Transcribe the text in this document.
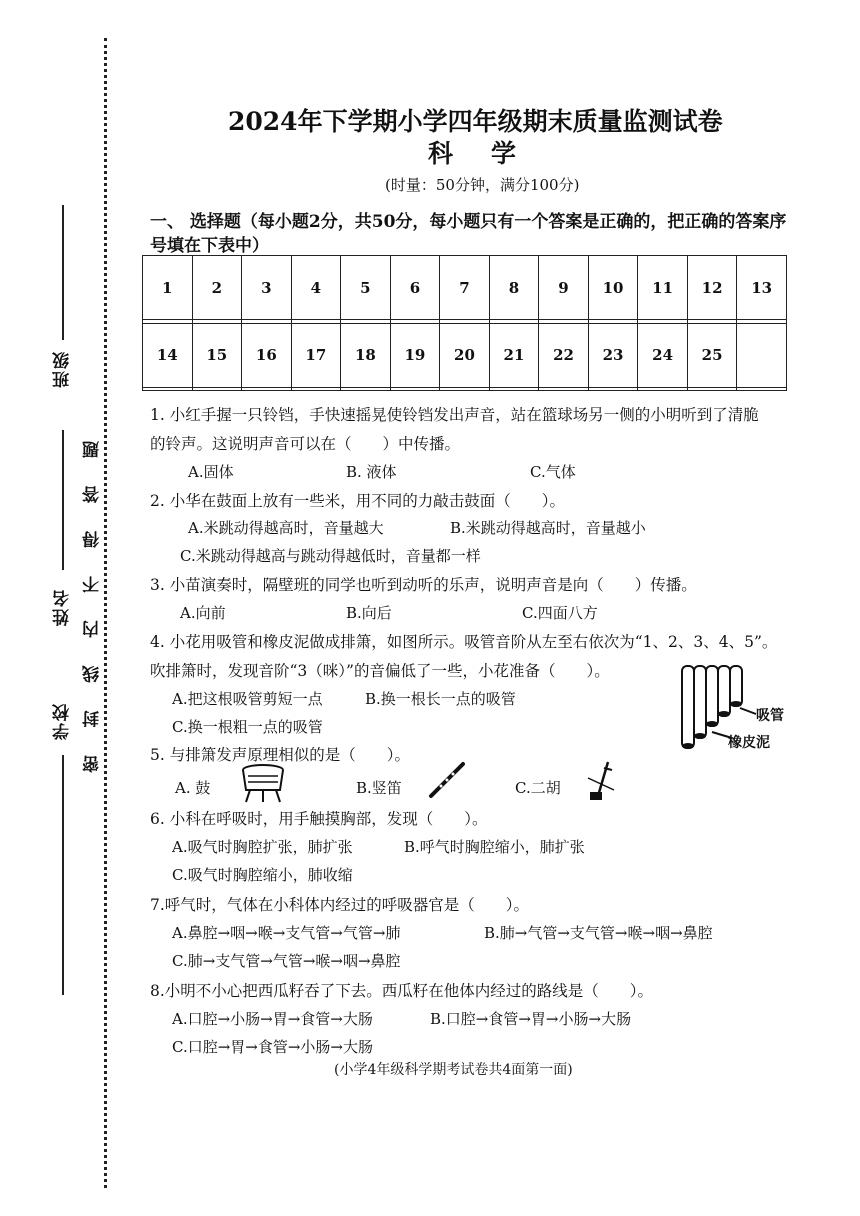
班级
姓名
学校 密 封 线 内 不 得 答 题
2024年下学期小学四年级期末质量监测试卷
科学
(时量：50分钟，满分100分)
一、 选择题（每小题2分，共50分，每小题只有一个答案是正确的，把正确的答案序号填在下表中）
1	2	3	4	5	6	7	8	9	10	11	12	13

14	15	16	17	18	19	20	21	22	23	24	25	

1. 小红手握一只铃铛，手快速摇晃使铃铛发出声音，站在篮球场另一侧的小明听到了清脆
的铃声。这说明声音可以在（　　）中传播。
A.固体	B. 液体	C.气体
2. 小华在鼓面上放有一些米，用不同的力敲击鼓面（　　）。
A.米跳动得越高时，音量越大	B.米跳动得越高时，音量越小
C.米跳动得越高与跳动得越低时，音量都一样
3. 小苗演奏时，隔壁班的同学也听到动听的乐声，说明声音是向（　　）传播。
A.向前	B.向后	C.四面八方
4. 小花用吸管和橡皮泥做成排箫，如图所示。吸管音阶从左至右依次为“1、2、3、4、5”。
吹排箫时，发现音阶“3（咪）”的音偏低了一些，小花准备（　　）。
A.把这根吸管剪短一点	B.换一根长一点的吸管
C.换一根粗一点的吸管
吸管
橡皮泥
5. 与排箫发声原理相似的是（　　）。
A. 鼓	B.竖笛	C.二胡
6. 小科在呼吸时，用手触摸胸部，发现（　　）。
A.吸气时胸腔扩张，肺扩张	B.呼气时胸腔缩小，肺扩张
C.吸气时胸腔缩小，肺收缩
7.呼气时，气体在小科体内经过的呼吸器官是（　　）。
A.鼻腔→咽→喉→支气管→气管→肺	B.肺→气管→支气管→喉→咽→鼻腔
C.肺→支气管→气管→喉→咽→鼻腔
8.小明不小心把西瓜籽吞了下去。西瓜籽在他体内经过的路线是（　　）。
A.口腔→小肠→胃→食管→大肠	B.口腔→食管→胃→小肠→大肠
C.口腔→胃→食管→小肠→大肠
(小学4年级科学期考试卷共4面第一面)
